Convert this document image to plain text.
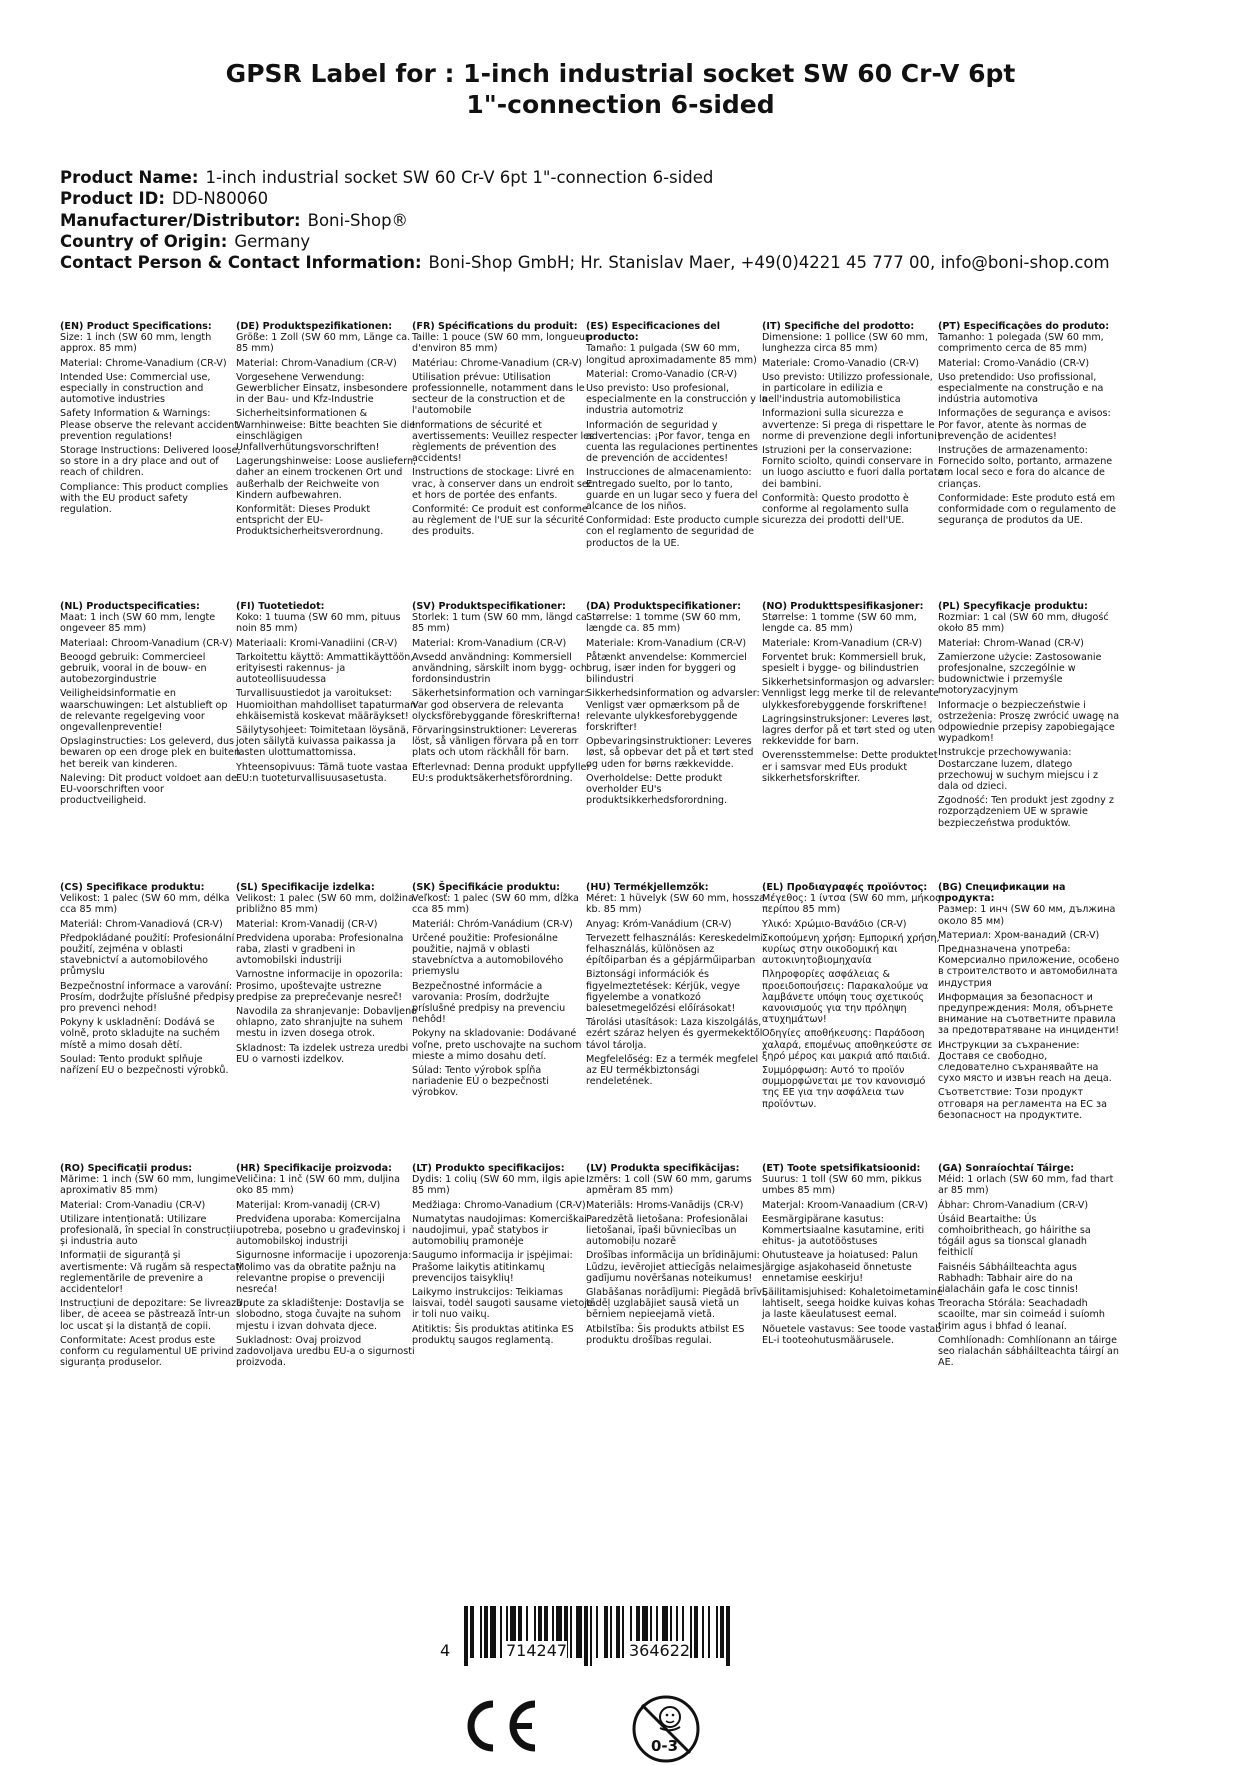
GPSR Label for : 1-inch industrial socket SW 60 Cr-V 6pt
1"-connection 6-sided
Product Name: 1-inch industrial socket SW 60 Cr-V 6pt 1"-connection 6-sided
Product ID: DD-N80060
Manufacturer/Distributor: Boni-Shop®
Country of Origin: Germany
Contact Person & Contact Information: Boni-Shop GmbH; Hr. Stanislav Maer, +49(0)4221 45 777 00, info@boni-shop.com
(EN) Product Specifications:
Size: 1 inch (SW 60 mm, length approx. 85 mm)
Material: Chrome-Vanadium (CR-V)
Intended Use: Commercial use, especially in construction and automotive industries
Safety Information & Warnings: Please observe the relevant accident prevention regulations!
Storage Instructions: Delivered loose, so store in a dry place and out of reach of children.
Compliance: This product complies with the EU product safety regulation.
(DE) Produktspezifikationen:
Größe: 1 Zoll (SW 60 mm, Länge ca. 85 mm)
Material: Chrom-Vanadium (CR-V)
Vorgesehene Verwendung: Gewerblicher Einsatz, insbesondere in der Bau- und Kfz-Industrie
Sicherheitsinformationen & Warnhinweise: Bitte beachten Sie die einschlägigen Unfallverhütungsvorschriften!
Lagerungshinweise: Loose ausliefern, daher an einem trockenen Ort und außerhalb der Reichweite von Kindern aufbewahren.
Konformität: Dieses Produkt entspricht der EU-Produktsicherheitsverordnung.
(FR) Spécifications du produit:
Taille: 1 pouce (SW 60 mm, longueur d'environ 85 mm)
Matériau: Chrome-Vanadium (CR-V)
Utilisation prévue: Utilisation professionnelle, notamment dans le secteur de la construction et de l'automobile
Informations de sécurité et avertissements: Veuillez respecter les règlements de prévention des accidents!
Instructions de stockage: Livré en vrac, à conserver dans un endroit sec et hors de portée des enfants.
Conformité: Ce produit est conforme au règlement de l'UE sur la sécurité des produits.
(ES) Especificaciones del producto:
Tamaño: 1 pulgada (SW 60 mm, longitud aproximadamente 85 mm)
Material: Cromo-Vanadio (CR-V)
Uso previsto: Uso profesional, especialmente en la construcción y la industria automotriz
Información de seguridad y advertencias: ¡Por favor, tenga en cuenta las regulaciones pertinentes de prevención de accidentes!
Instrucciones de almacenamiento: Entregado suelto, por lo tanto, guarde en un lugar seco y fuera del alcance de los niños.
Conformidad: Este producto cumple con el reglamento de seguridad de productos de la UE.
(IT) Specifiche del prodotto:
Dimensione: 1 pollice (SW 60 mm, lunghezza circa 85 mm)
Materiale: Cromo-Vanadio (CR-V)
Uso previsto: Utilizzo professionale, in particolare in edilizia e nell'industria automobilistica
Informazioni sulla sicurezza e avvertenze: Si prega di rispettare le norme di prevenzione degli infortuni!
Istruzioni per la conservazione: Fornito sciolto, quindi conservare in un luogo asciutto e fuori dalla portata dei bambini.
Conformità: Questo prodotto è conforme al regolamento sulla sicurezza dei prodotti dell'UE.
(PT) Especificações do produto:
Tamanho: 1 polegada (SW 60 mm, comprimento cerca de 85 mm)
Material: Cromo-Vanádio (CR-V)
Uso pretendido: Uso profissional, especialmente na construção e na indústria automotiva
Informações de segurança e avisos: Por favor, atente às normas de prevenção de acidentes!
Instruções de armazenamento: Fornecido solto, portanto, armazene em local seco e fora do alcance de crianças.
Conformidade: Este produto está em conformidade com o regulamento de segurança de produtos da UE.
(NL) Productspecificaties:
Maat: 1 inch (SW 60 mm, lengte ongeveer 85 mm)
Materiaal: Chroom-Vanadium (CR-V)
Beoogd gebruik: Commercieel gebruik, vooral in de bouw- en autobezorgindustrie
Veiligheidsinformatie en waarschuwingen: Let alstublieft op de relevante regelgeving voor ongevallenpreventie!
Opslaginstructies: Los geleverd, dus bewaren op een droge plek en buiten het bereik van kinderen.
Naleving: Dit product voldoet aan de EU-voorschriften voor productveiligheid.
(FI) Tuotetiedot:
Koko: 1 tuuma (SW 60 mm, pituus noin 85 mm)
Materiaali: Kromi-Vanadiini (CR-V)
Tarkoitettu käyttö: Ammattikäyttöön, erityisesti rakennus- ja autoteollisuudessa
Turvallisuustiedot ja varoitukset: Huomioithan mahdolliset tapaturman ehkäisemistä koskevat määräykset!
Säilytysohjeet: Toimitetaan löysänä, joten säilytä kuivassa paikassa ja lasten ulottumattomissa.
Yhteensopivuus: Tämä tuote vastaa EU:n tuoteturvallisuusasetusta.
(SV) Produktspecifikationer:
Storlek: 1 tum (SW 60 mm, längd ca 85 mm)
Material: Krom-Vanadium (CR-V)
Avsedd användning: Kommersiell användning, särskilt inom bygg- och fordonsindustrin
Säkerhetsinformation och varningar: Var god observera de relevanta olycksförebyggande föreskrifterna!
Förvaringsinstruktioner: Levereras löst, så vänligen förvara på en torr plats och utom räckhåll för barn.
Efterlevnad: Denna produkt uppfyller EU:s produktsäkerhetsförordning.
(DA) Produktspecifikationer:
Størrelse: 1 tomme (SW 60 mm, længde ca. 85 mm)
Materiale: Krom-Vanadium (CR-V)
Påtænkt anvendelse: Kommerciel brug, især inden for byggeri og bilindustri
Sikkerhedsinformation og advarsler: Venligst vær opmærksom på de relevante ulykkesforebyggende forskrifter!
Opbevaringsinstruktioner: Leveres løst, så opbevar det på et tørt sted og uden for børns rækkevidde.
Overholdelse: Dette produkt overholder EU's produktsikkerhedsforordning.
(NO) Produkttspesifikasjoner:
Størrelse: 1 tomme (SW 60 mm, lengde ca. 85 mm)
Materiale: Krom-Vanadium (CR-V)
Forventet bruk: Kommersiell bruk, spesielt i bygge- og bilindustrien
Sikkerhetsinformasjon og advarsler: Vennligst legg merke til de relevante ulykkesforebyggende forskriftene!
Lagringsinstruksjoner: Leveres løst, lagres derfor på et tørt sted og uten rekkevidde for barn.
Overensstemmelse: Dette produktet er i samsvar med EUs produkt sikkerhetsforskrifter.
(PL) Specyfikacje produktu:
Rozmiar: 1 cal (SW 60 mm, długość około 85 mm)
Materiał: Chrom-Wanad (CR-V)
Zamierzone użycie: Zastosowanie profesjonalne, szczególnie w budownictwie i przemyśle motoryzacyjnym
Informacje o bezpieczeństwie i ostrzeżenia: Proszę zwrócić uwagę na odpowiednie przepisy zapobiegające wypadkom!
Instrukcje przechowywania: Dostarczane luzem, dlatego przechowuj w suchym miejscu i z dala od dzieci.
Zgodność: Ten produkt jest zgodny z rozporządzeniem UE w sprawie bezpieczeństwa produktów.
(CS) Specifikace produktu:
Velikost: 1 palec (SW 60 mm, délka cca 85 mm)
Materiál: Chrom-Vanadiová (CR-V)
Předpokládané použití: Profesionální použití, zejména v oblasti stavebnictví a automobilového průmyslu
Bezpečnostní informace a varování: Prosím, dodržujte příslušné předpisy pro prevenci nehod!
Pokyny k uskladnění: Dodává se volně, proto skladujte na suchém místě a mimo dosah dětí.
Soulad: Tento produkt splňuje nařízení EU o bezpečnosti výrobků.
(SL) Specifikacije izdelka:
Velikost: 1 palec (SW 60 mm, dolžina približno 85 mm)
Material: Krom-Vanadij (CR-V)
Predvidena uporaba: Profesionalna raba, zlasti v gradbeni in avtomobilski industriji
Varnostne informacije in opozorila: Prosimo, upoštevajte ustrezne predpise za preprečevanje nesreč!
Navodila za shranjevanje: Dobavljeno ohlapno, zato shranjujte na suhem mestu in izven dosega otrok.
Skladnost: Ta izdelek ustreza uredbi EU o varnosti izdelkov.
(SK) Špecifikácie produktu:
Veľkosť: 1 palec (SW 60 mm, dĺžka cca 85 mm)
Materiál: Chróm-Vanádium (CR-V)
Určené použitie: Profesionálne použitie, najmä v oblasti stavebníctva a automobilového priemyslu
Bezpečnostné informácie a varovania: Prosím, dodržujte príslušné predpisy na prevenciu nehôd!
Pokyny na skladovanie: Dodávané voľne, preto uschovajte na suchom mieste a mimo dosahu detí.
Súlad: Tento výrobok spĺňa nariadenie EÚ o bezpečnosti výrobkov.
(HU) Termékjellemzők:
Méret: 1 hüvelyk (SW 60 mm, hossza kb. 85 mm)
Anyag: Króm-Vanádium (CR-V)
Tervezett felhasználás: Kereskedelmi felhasználás, különösen az építőiparban és a gépjárműiparban
Biztonsági információk és figyelmeztetések: Kérjük, vegye figyelembe a vonatkozó balesetmegelőzési előírásokat!
Tárolási utasítások: Laza kiszolgálás, ezért száraz helyen és gyermekektől távol tárolja.
Megfelelőség: Ez a termék megfelel az EU termékbiztonsági rendeletének.
(EL) Προδιαγραφές προϊόντος:
Μέγεθος: 1 ίντσα (SW 60 mm, μήκος περίπου 85 mm)
Υλικό: Χρώμιο-Βανάδιο (CR-V)
Σκοπούμενη χρήση: Εμπορική χρήση, κυρίως στην οικοδομική και αυτοκινητοβιομηχανία
Πληροφορίες ασφάλειας & προειδοποιήσεις: Παρακαλούμε να λαμβάνετε υπόψη τους σχετικούς κανονισμούς για την πρόληψη ατυχημάτων!
Οδηγίες αποθήκευσης: Παράδοση χαλαρά, επομένως αποθηκεύστε σε ξηρό μέρος και μακριά από παιδιά.
Συμμόρφωση: Αυτό το προϊόν συμμορφώνεται με τον κανονισμό της ΕΕ για την ασφάλεια των προϊόντων.
(BG) Спецификации на продукта:
Размер: 1 инч (SW 60 мм, дължина около 85 мм)
Материал: Хром-ванадий (CR-V)
Предназначена употреба: Комерсиално приложение, особено в строителството и автомобилната индустрия
Информация за безопасност и предупреждения: Моля, обърнете внимание на съответните правила за предотвратяване на инциденти!
Инструкции за съхранение: Доставя се свободно, следователно съхранявайте на сухо място и извън reach на деца.
Съответствие: Този продукт отговаря на регламента на ЕС за безопасност на продуктите.
(RO) Specificații produs:
Mărime: 1 inch (SW 60 mm, lungime aproximativ 85 mm)
Material: Crom-Vanadiu (CR-V)
Utilizare intenționată: Utilizare profesională, în special în construcții și industria auto
Informații de siguranță și avertismente: Vă rugăm să respectați reglementările de prevenire a accidentelor!
Instrucțiuni de depozitare: Se livrează liber, de aceea se păstrează într-un loc uscat și la distanță de copii.
Conformitate: Acest produs este conform cu regulamentul UE privind siguranța produselor.
(HR) Specifikacije proizvoda:
Veličina: 1 inč (SW 60 mm, duljina oko 85 mm)
Materijal: Krom-vanadij (CR-V)
Predviđena uporaba: Komercijalna upotreba, posebno u građevinskoj i automobilskoj industriji
Sigurnosne informacije i upozorenja: Molimo vas da obratite pažnju na relevantne propise o prevenciji nesreća!
Upute za skladištenje: Dostavlja se slobodno, stoga čuvajte na suhom mjestu i izvan dohvata djece.
Sukladnost: Ovaj proizvod zadovoljava uredbu EU-a o sigurnosti proizvoda.
(LT) Produkto specifikacijos:
Dydis: 1 colių (SW 60 mm, ilgis apie 85 mm)
Medžiaga: Chromo-Vanadium (CR-V)
Numatytas naudojimas: Komerciškai naudojimui, ypač statybos ir automobilių pramonėje
Saugumo informacija ir įspėjimai: Prašome laikytis atitinkamų prevencijos taisyklių!
Laikymo instrukcijos: Teikiamas laisvai, todėl saugoti sausame vietoje ir toli nuo vaikų.
Atitiktis: Šis produktas atitinka ES produktų saugos reglamentą.
(LV) Produkta specifikācijas:
Izmērs: 1 coll (SW 60 mm, garums apmēram 85 mm)
Materiāls: Hroms-Vanādijs (CR-V)
Paredzētā lietošana: Profesionālai lietošanai, īpaši būvniecības un automobiļu nozarē
Drošības informācija un brīdinājumi: Lūdzu, ievērojiet attiecīgās nelaimes gadījumu novēršanas noteikumus!
Glabāšanas norādījumi: Piegādā brīvi, tādēļ uzglabājiet sausā vietā un bērniem nepieejamā vietā.
Atbilstība: Šis produkts atbilst ES produktu drošības regulai.
(ET) Toote spetsifikatsioonid:
Suurus: 1 toll (SW 60 mm, pikkus umbes 85 mm)
Materjal: Kroom-Vanaadium (CR-V)
Eesmärgipärane kasutus: Kommertsiaalne kasutamine, eriti ehitus- ja autotööstuses
Ohutusteave ja hoiatused: Palun järgige asjakohaseid õnnetuste ennetamise eeskirju!
Säilitamisjuhised: Kohaletoimetamine lahtiselt, seega hoidke kuivas kohas ja laste käeulatusest eemal.
Nõuetele vastavus: See toode vastab EL-i tooteohutusmäärusele.
(GA) Sonraíochtaí Táirge:
Méid: 1 orlach (SW 60 mm, fad thart ar 85 mm)
Ábhar: Chrom-Vanadium (CR-V)
Úsáid Beartaithe: Ús comhoibritheach, go háirithe sa tógáil agus sa tionscal glanadh feithiclí
Faisnéis Sábháilteachta agus Rabhadh: Tabhair aire do na rialacháin gafa le cosc tinnis!
Treoracha Stórála: Seachadadh scaoilte, mar sin coimeád i suíomh tirim agus i bhfad ó leanaí.
Comhlíonadh: Comhlíonann an táirge seo rialachán sábháilteachta táirgí an AE.
4	714247	364622
0-3
